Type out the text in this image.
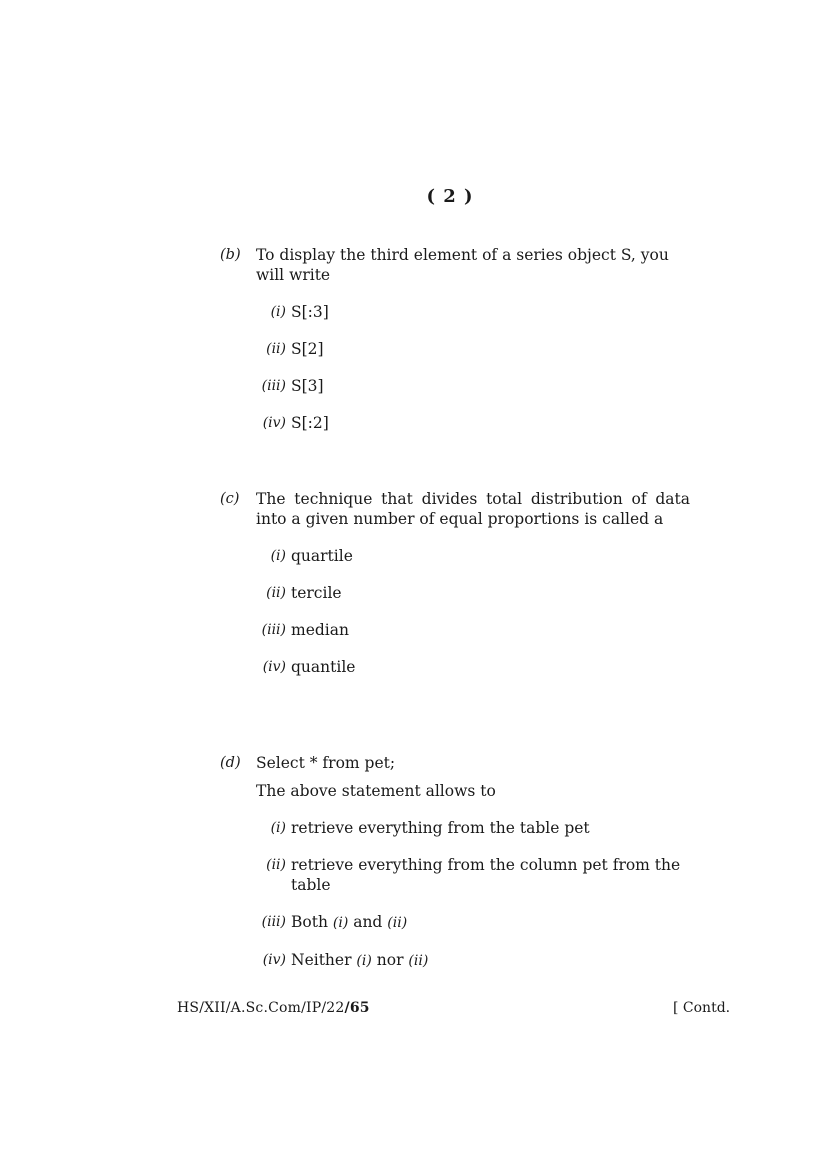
( 2 )
(b) To display the third element of a series object S, you will write
(i) S[:3]
(ii) S[2]
(iii) S[3]
(iv) S[:2]
(c) The technique that divides total distribution of data into a given number of equal proportions is called a
(i) quartile
(ii) tercile
(iii) median
(iv) quantile
(d) Select * from pet;
The above statement allows to
(i) retrieve everything from the table pet
(ii) retrieve everything from the column pet from the table
(iii) Both (i) and (ii)
(iv) Neither (i) nor (ii)
HS/XII/A.Sc.Com/IP/22/65	[ Contd.
